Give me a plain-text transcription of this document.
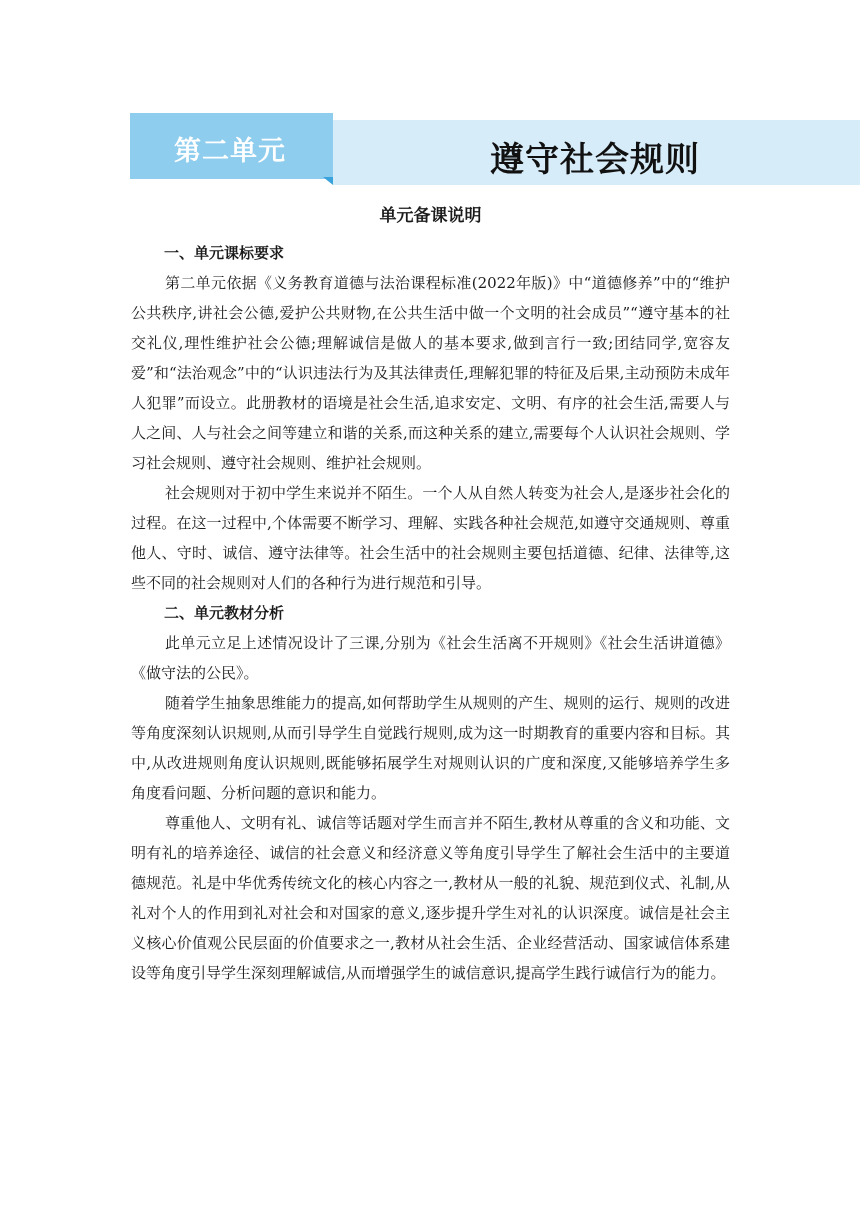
第二单元	遵守社会规则
单元备课说明
一、单元课标要求

第二单元依据《义务教育道德与法治课程标准(2022年版)》中“道德修养”中的“维护公共秩序,讲社会公德,爱护公共财物,在公共生活中做一个文明的社会成员”“遵守基本的社交礼仪,理性维护社会公德;理解诚信是做人的基本要求,做到言行一致;团结同学,宽容友爱”和“法治观念”中的“认识违法行为及其法律责任,理解犯罪的特征及后果,主动预防未成年人犯罪”而设立。此册教材的语境是社会生活,追求安定、文明、有序的社会生活,需要人与人之间、人与社会之间等建立和谐的关系,而这种关系的建立,需要每个人认识社会规则、学习社会规则、遵守社会规则、维护社会规则。

社会规则对于初中学生来说并不陌生。一个人从自然人转变为社会人,是逐步社会化的过程。在这一过程中,个体需要不断学习、理解、实践各种社会规范,如遵守交通规则、尊重他人、守时、诚信、遵守法律等。社会生活中的社会规则主要包括道德、纪律、法律等,这些不同的社会规则对人们的各种行为进行规范和引导。

二、单元教材分析

此单元立足上述情况设计了三课,分别为《社会生活离不开规则》《社会生活讲道德》《做守法的公民》。

随着学生抽象思维能力的提高,如何帮助学生从规则的产生、规则的运行、规则的改进等角度深刻认识规则,从而引导学生自觉践行规则,成为这一时期教育的重要内容和目标。其中,从改进规则角度认识规则,既能够拓展学生对规则认识的广度和深度,又能够培养学生多角度看问题、分析问题的意识和能力。

尊重他人、文明有礼、诚信等话题对学生而言并不陌生,教材从尊重的含义和功能、文明有礼的培养途径、诚信的社会意义和经济意义等角度引导学生了解社会生活中的主要道德规范。礼是中华优秀传统文化的核心内容之一,教材从一般的礼貌、规范到仪式、礼制,从礼对个人的作用到礼对社会和对国家的意义,逐步提升学生对礼的认识深度。诚信是社会主义核心价值观公民层面的价值要求之一,教材从社会生活、企业经营活动、国家诚信体系建设等角度引导学生深刻理解诚信,从而增强学生的诚信意识,提高学生践行诚信行为的能力。
